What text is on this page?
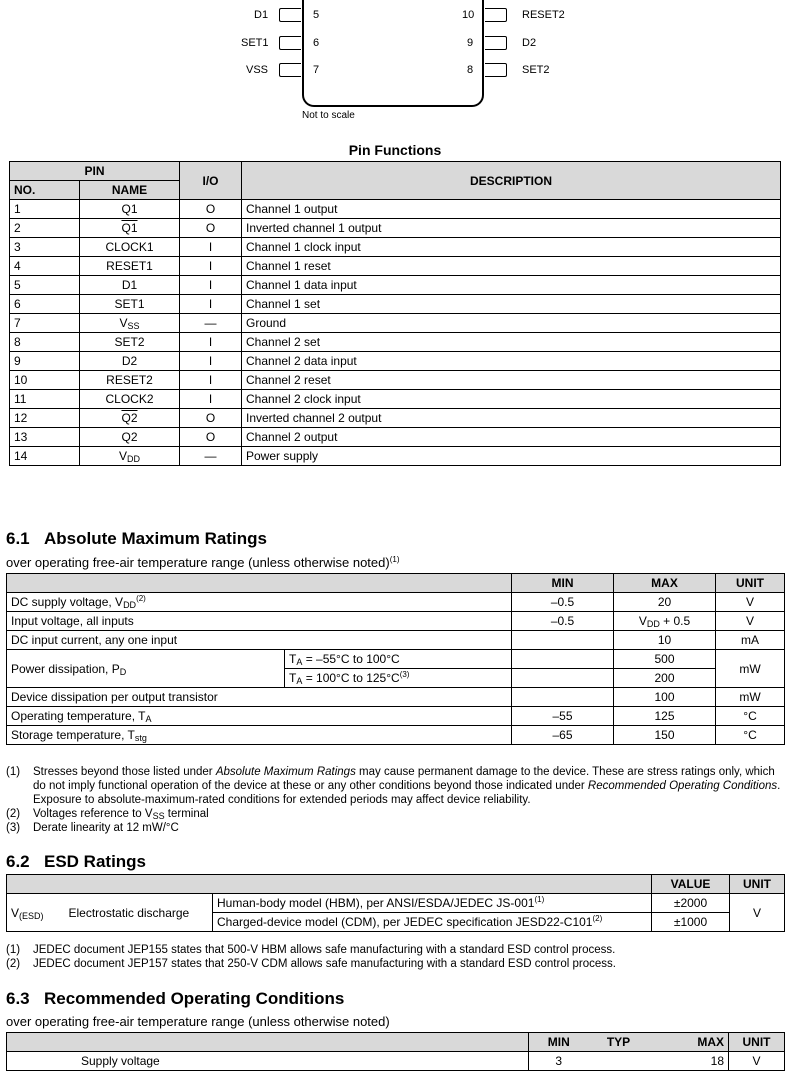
D1	5
SET1	6
VSS	7
10	RESET2
9	D2
8	SET2
Not to scale
Pin Functions
PIN		I/O	DESCRIPTION
NO.	NAME		
1	Q1	O	Channel 1 output
2	Q1	O	Inverted channel 1 output
3	CLOCK1	I	Channel 1 clock input
4	RESET1	I	Channel 1 reset
5	D1	I	Channel 1 data input
6	SET1	I	Channel 1 set
7	$V_{SS}$	—	Ground
8	SET2	I	Channel 2 set
9	D2	I	Channel 2 data input
10	RESET2	I	Channel 2 reset
11	CLOCK2	I	Channel 2 clock input
12	Q2	O	Inverted channel 2 output
13	Q2	O	Channel 2 output
14	$V_{DD}$	—	Power supply
6.1 Absolute Maximum Ratings
over operating free-air temperature range (unless otherwise noted)$^{(1)}$
		MIN	MAX	UNIT
DC supply voltage, $V_{DD}^{(2)}$		–0.5	20	V
Input voltage, all inputs		–0.5	$V_{DD} + 0.5$	V
DC input current, any one input			10	mA
Power dissipation, $P_D$	$T_A = -55^\circ C$ to 100°C		500	mW
	$T_A = 100^\circ C$ to $125^\circ C^{(3)}$		200	
Device dissipation per output transistor			100	mW
Operating temperature, $T_A$		–55	125	°C
Storage temperature, $T_{stg}$		–65	150	°C
(1)	Stresses beyond those listed under Absolute Maximum Ratings may cause permanent damage to the device. These are stress ratings only, which do not imply functional operation of the device at these or any other conditions beyond those indicated under Recommended Operating Conditions. Exposure to absolute-maximum-rated conditions for extended periods may affect device reliability.
(2)	Voltages reference to $V_{SS}$ terminal
(3)	Derate linearity at 12 mW/°C
6.2 ESD Ratings
			VALUE	UNIT
$V_{(ESD)}$	Electrostatic discharge	Human-body model (HBM), per ANSI/ESDA/JEDEC $JS-001^{(1)}$	±2000	V
		Charged-device model (CDM), per JEDEC specification $JESD22-C101^{(2)}$	±1000	
(1)	JEDEC document JEP155 states that 500-V HBM allows safe manufacturing with a standard ESD control process.
(2)	JEDEC document JEP157 states that 250-V CDM allows safe manufacturing with a standard ESD control process.
6.3 Recommended Operating Conditions
over operating free-air temperature range (unless otherwise noted)
	MIN	TYP	MAX	UNIT
Supply voltage	3		18	V
